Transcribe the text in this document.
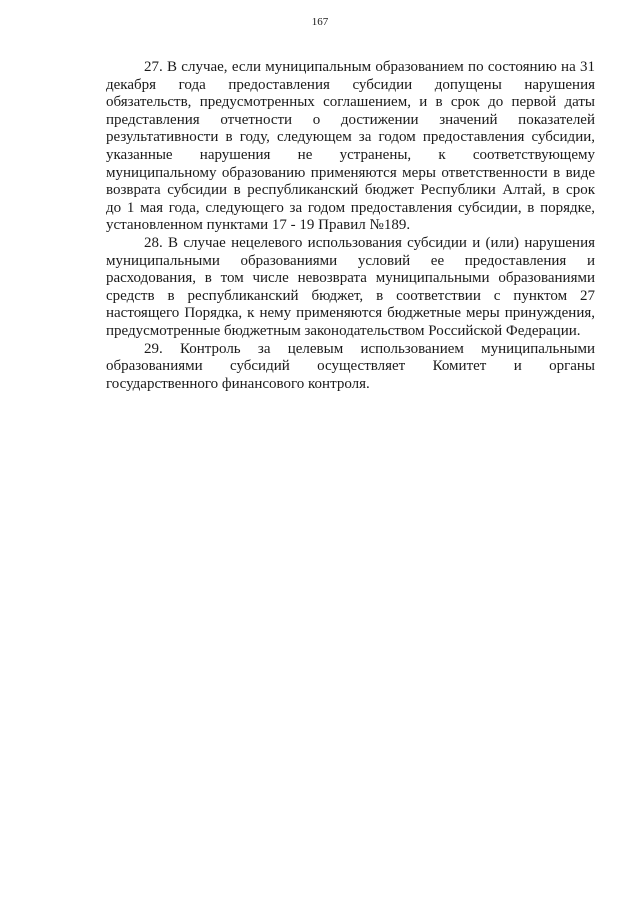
167
27. В случае, если муниципальным образованием по состоянию на 31
декабря года предоставления субсидии допущены нарушения
обязательств, предусмотренных соглашением, и в срок до первой даты
представления отчетности о достижении значений показателей
результативности в году, следующем за годом предоставления субсидии,
указанные нарушения не устранены, к соответствующему
муниципальному образованию применяются меры ответственности в виде
возврата субсидии в республиканский бюджет Республики Алтай, в срок
до 1 мая года, следующего за годом предоставления субсидии, в порядке,
установленном пунктами 17 - 19 Правил №189.
28. В случае нецелевого использования субсидии и (или) нарушения
муниципальными образованиями условий ее предоставления и
расходования, в том числе невозврата муниципальными образованиями
средств в республиканский бюджет, в соответствии с пунктом 27
настоящего Порядка, к нему применяются бюджетные меры принуждения,
предусмотренные бюджетным законодательством Российской Федерации.
29. Контроль за целевым использованием муниципальными
образованиями субсидий осуществляет Комитет и органы
государственного финансового контроля.
